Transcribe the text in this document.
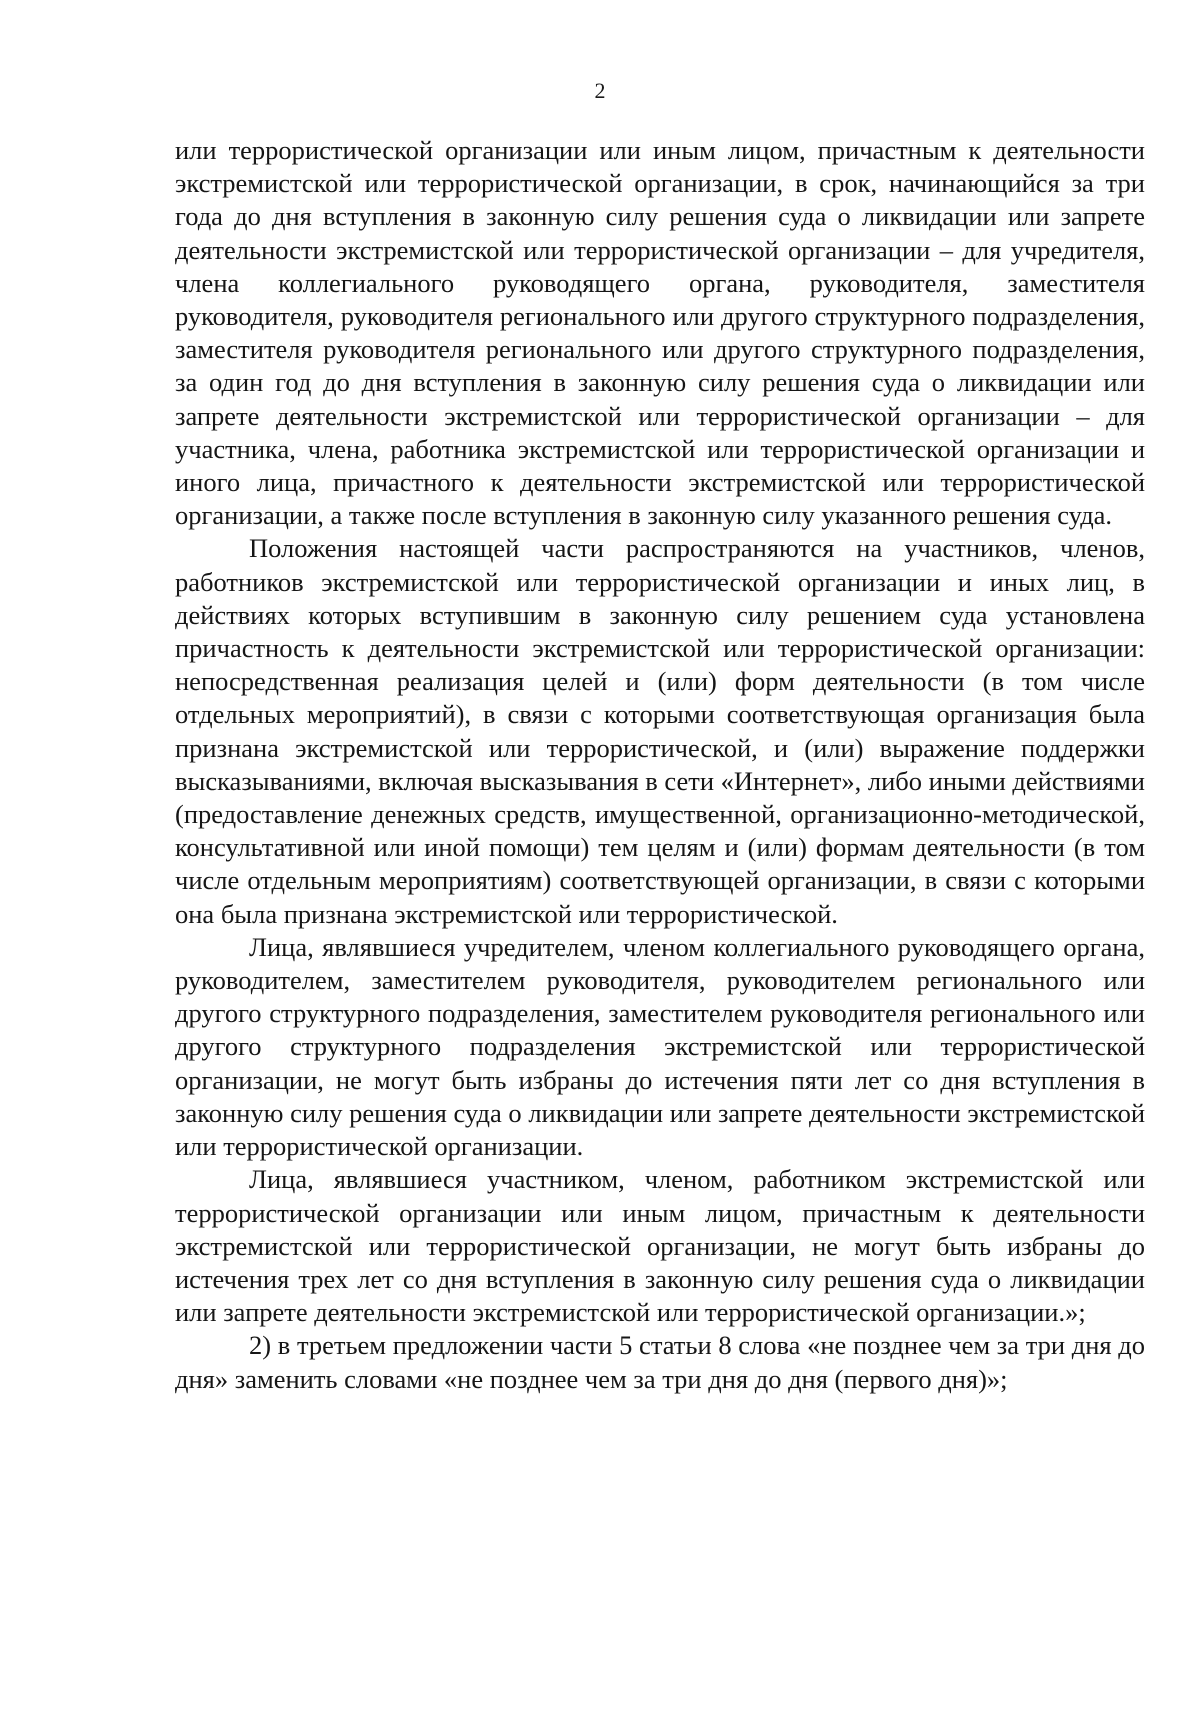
2

или террористической организации или иным лицом, причастным к деятельности экстремистской или террористической организации, в срок, начинающийся за три года до дня вступления в законную силу решения суда о ликвидации или запрете деятельности экстремистской или террористической организации – для учредителя, члена коллегиального руководящего органа, руководителя, заместителя руководителя, руководителя регионального или другого структурного подразделения, заместителя руководителя регионального или другого структурного подразделения, за один год до дня вступления в законную силу решения суда о ликвидации или запрете деятельности экстремистской или террористической организации – для участника, члена, работника экстремистской или террористической организации и иного лица, причастного к деятельности экстремистской или террористической организации, а также после вступления в законную силу указанного решения суда.

Положения настоящей части распространяются на участников, членов, работников экстремистской или террористической организации и иных лиц, в действиях которых вступившим в законную силу решением суда установлена причастность к деятельности экстремистской или террористической организации: непосредственная реализация целей и (или) форм деятельности (в том числе отдельных мероприятий), в связи с которыми соответствующая организация была признана экстремистской или террористической, и (или) выражение поддержки высказываниями, включая высказывания в сети «Интернет», либо иными действиями (предоставление денежных средств, имущественной, организационно-методической, консультативной или иной помощи) тем целям и (или) формам деятельности (в том числе отдельным мероприятиям) соответствующей организации, в связи с которыми она была признана экстремистской или террористической.

Лица, являвшиеся учредителем, членом коллегиального руководящего органа, руководителем, заместителем руководителя, руководителем регионального или другого структурного подразделения, заместителем руководителя регионального или другого структурного подразделения экстремистской или террористической организации, не могут быть избраны до истечения пяти лет со дня вступления в законную силу решения суда о ликвидации или запрете деятельности экстремистской или террористической организации.

Лица, являвшиеся участником, членом, работником экстремистской или террористической организации или иным лицом, причастным к деятельности экстремистской или террористической организации, не могут быть избраны до истечения трех лет со дня вступления в законную силу решения суда о ликвидации или запрете деятельности экстремистской или террористической организации.»;

2) в третьем предложении части 5 статьи 8 слова «не позднее чем за три дня до дня» заменить словами «не позднее чем за три дня до дня (первого дня)»;
